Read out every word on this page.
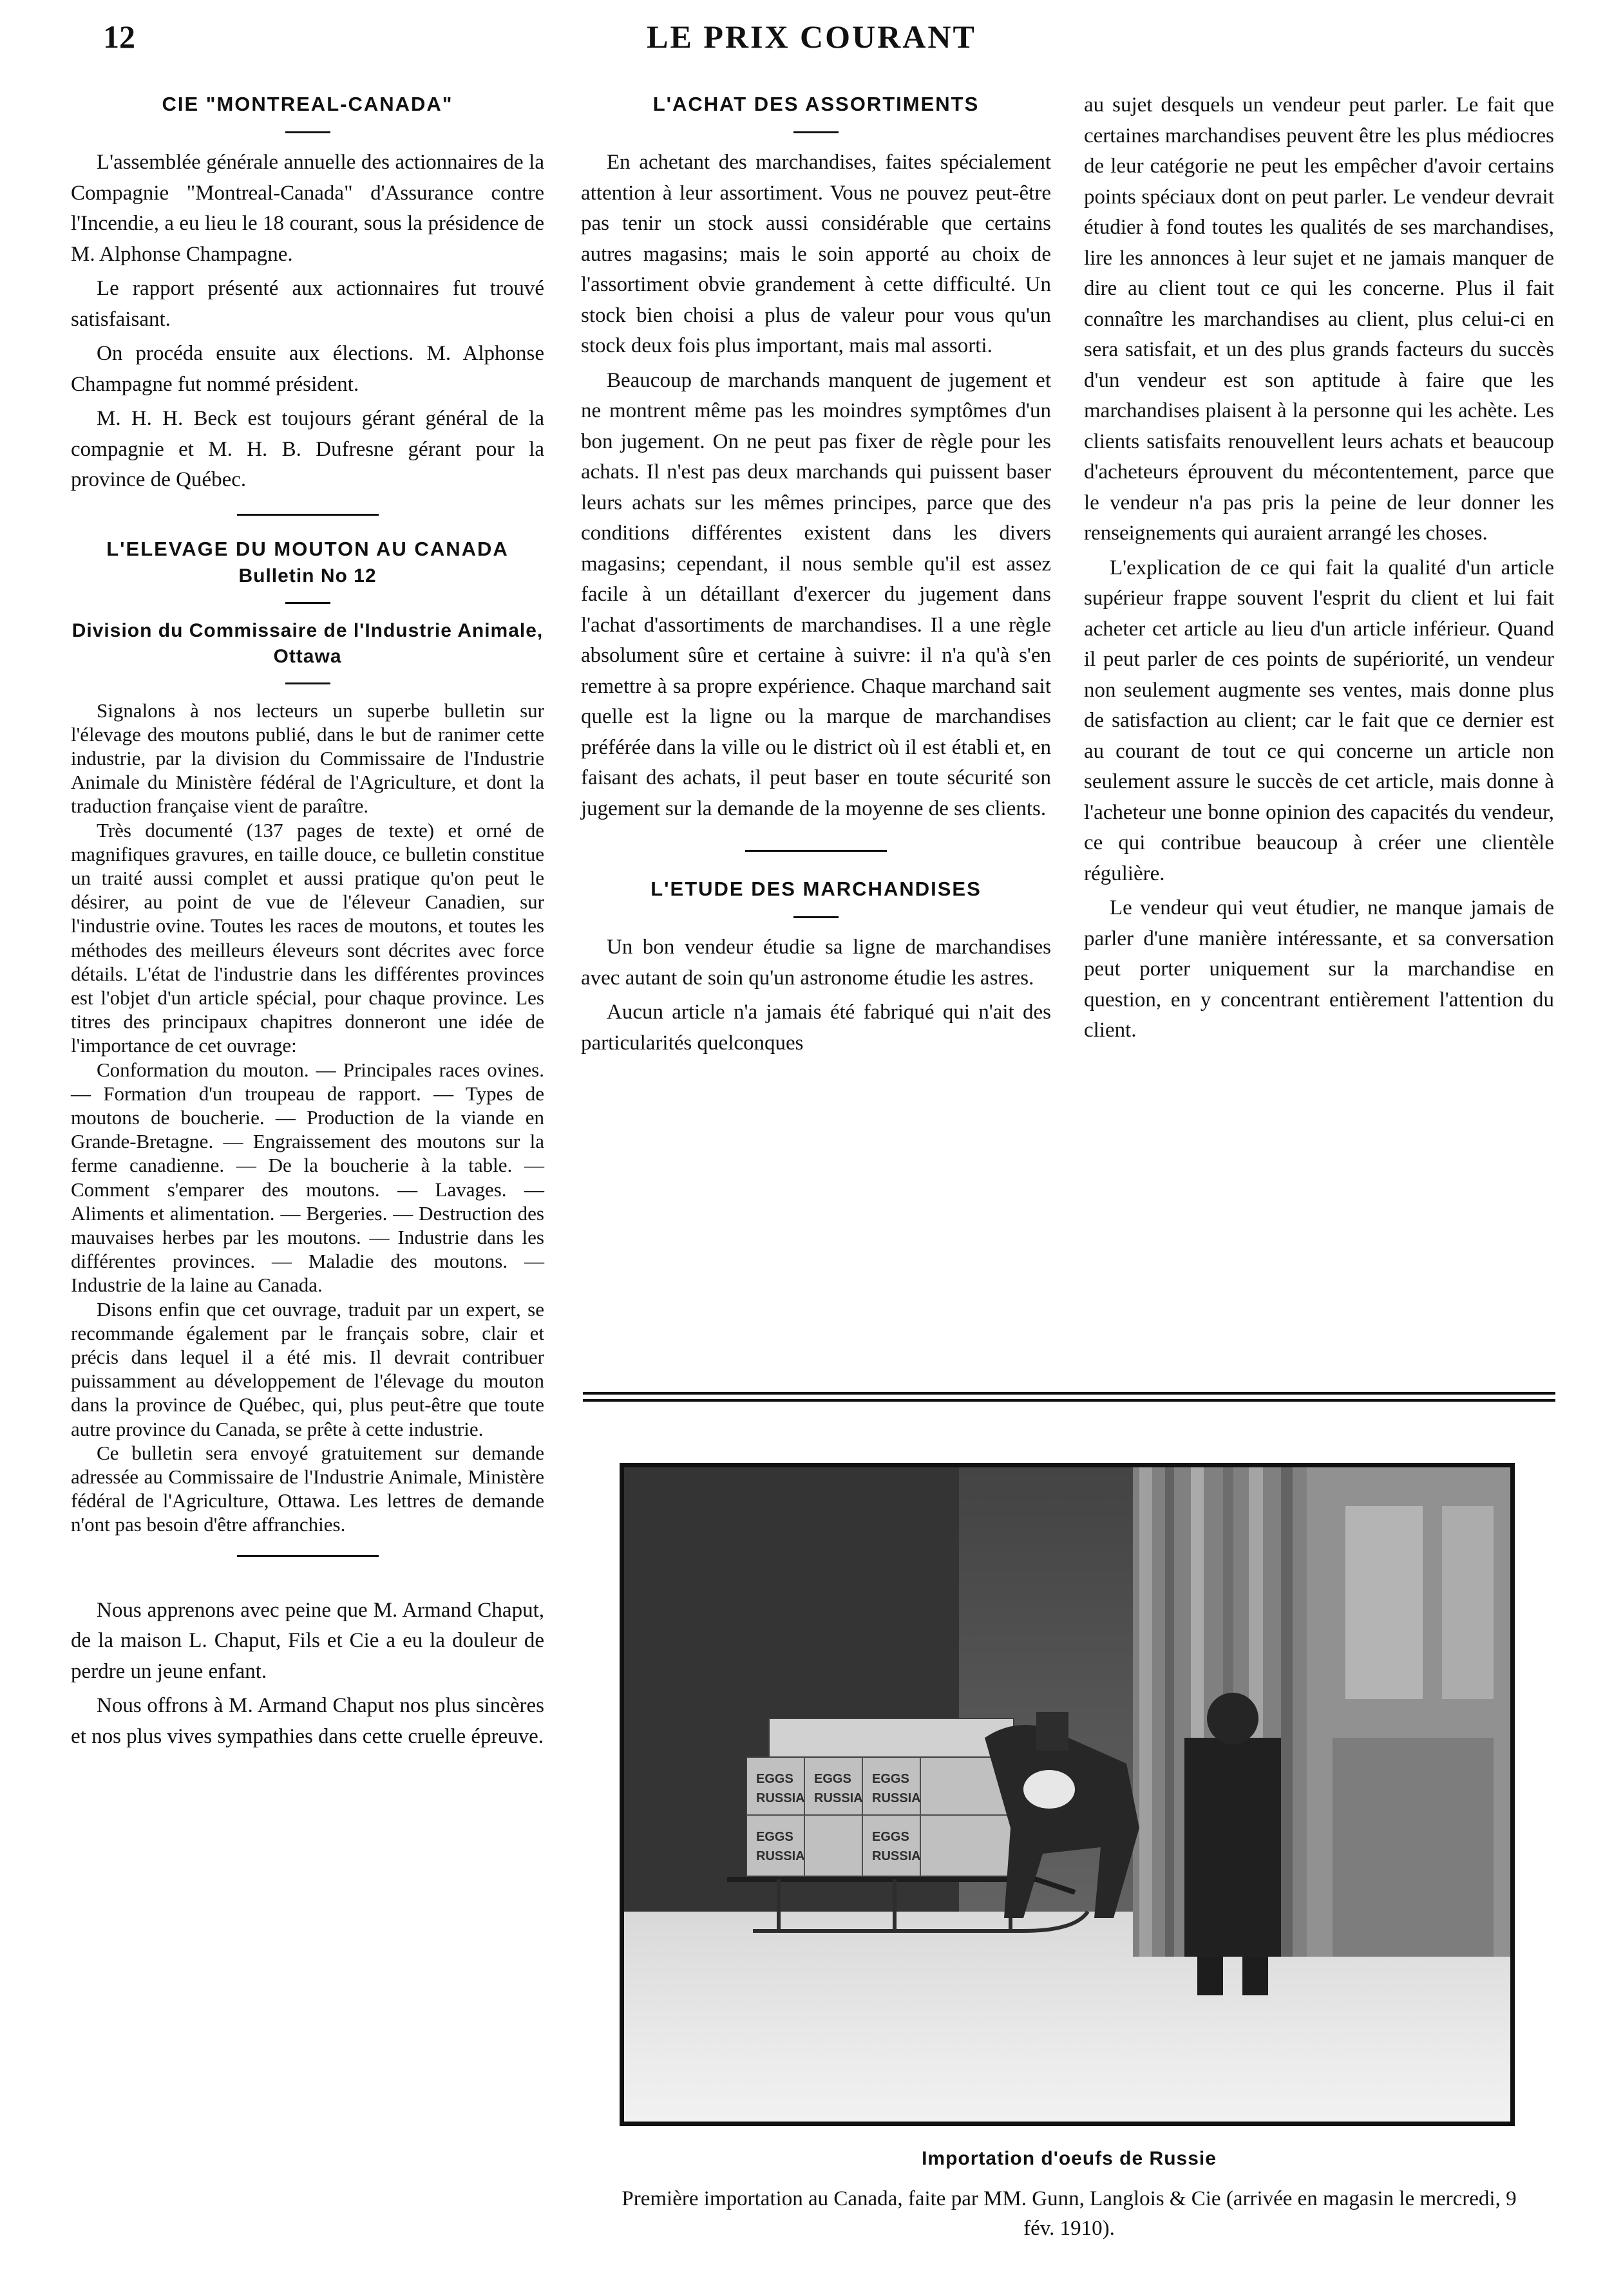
12	LE PRIX COURANT
CIE "MONTREAL-CANADA"

L'assemblée générale annuelle des actionnaires de la Compagnie "Montreal-Canada" d'Assurance contre l'Incendie, a eu lieu le 18 courant, sous la présidence de M. Alphonse Champagne.

Le rapport présenté aux actionnaires fut trouvé satisfaisant.

On procéda ensuite aux élections. M. Alphonse Champagne fut nommé président.

M. H. H. Beck est toujours gérant général de la compagnie et M. H. B. Dufresne gérant pour la province de Québec.

L'ELEVAGE DU MOUTON AU CANADA
Bulletin No 12
Division du Commissaire de l'Industrie Animale, Ottawa

Signalons à nos lecteurs un superbe bulletin sur l'élevage des moutons publié, dans le but de ranimer cette industrie, par la division du Commissaire de l'Industrie Animale du Ministère fédéral de l'Agriculture, et dont la traduction française vient de paraître.

Très documenté (137 pages de texte) et orné de magnifiques gravures, en taille douce, ce bulletin constitue un traité aussi complet et aussi pratique qu'on peut le désirer, au point de vue de l'éleveur Canadien, sur l'industrie ovine. Toutes les races de moutons, et toutes les méthodes des meilleurs éleveurs sont décrites avec force détails. L'état de l'industrie dans les différentes provinces est l'objet d'un article spécial, pour chaque province. Les titres des principaux chapitres donneront une idée de l'importance de cet ouvrage:

Conformation du mouton. — Principales races ovines. — Formation d'un troupeau de rapport. — Types de moutons de boucherie. — Production de la viande en Grande-Bretagne. — Engraissement des moutons sur la ferme canadienne. — De la boucherie à la table. — Comment s'emparer des moutons. — Lavages. — Aliments et alimentation. — Bergeries. — Destruction des mauvaises herbes par les moutons. — Industrie dans les différentes provinces. — Maladie des moutons. — Industrie de la laine au Canada.

Disons enfin que cet ouvrage, traduit par un expert, se recommande également par le français sobre, clair et précis dans lequel il a été mis. Il devrait contribuer puissamment au développement de l'élevage du mouton dans la province de Québec, qui, plus peut-être que toute autre province du Canada, se prête à cette industrie.

Ce bulletin sera envoyé gratuitement sur demande adressée au Commissaire de l'Industrie Animale, Ministère fédéral de l'Agriculture, Ottawa. Les lettres de demande n'ont pas besoin d'être affranchies.

Nous apprenons avec peine que M. Armand Chaput, de la maison L. Chaput, Fils et Cie a eu la douleur de perdre un jeune enfant.

Nous offrons à M. Armand Chaput nos plus sincères et nos plus vives sympathies dans cette cruelle épreuve.

L'ACHAT DES ASSORTIMENTS

En achetant des marchandises, faites spécialement attention à leur assortiment. Vous ne pouvez peut-être pas tenir un stock aussi considérable que certains autres magasins; mais le soin apporté au choix de l'assortiment obvie grandement à cette difficulté. Un stock bien choisi a plus de valeur pour vous qu'un stock deux fois plus important, mais mal assorti.

Beaucoup de marchands manquent de jugement et ne montrent même pas les moindres symptômes d'un bon jugement. On ne peut pas fixer de règle pour les achats. Il n'est pas deux marchands qui puissent baser leurs achats sur les mêmes principes, parce que des conditions différentes existent dans les divers magasins; cependant, il nous semble qu'il est assez facile à un détaillant d'exercer du jugement dans l'achat d'assortiments de marchandises. Il a une règle absolument sûre et certaine à suivre: il n'a qu'à s'en remettre à sa propre expérience. Chaque marchand sait quelle est la ligne ou la marque de marchandises préférée dans la ville ou le district où il est établi et, en faisant des achats, il peut baser en toute sécurité son jugement sur la demande de la moyenne de ses clients.

L'ETUDE DES MARCHANDISES

Un bon vendeur étudie sa ligne de marchandises avec autant de soin qu'un astronome étudie les astres.

Aucun article n'a jamais été fabriqué qui n'ait des particularités quelconques

au sujet desquels un vendeur peut parler. Le fait que certaines marchandises peuvent être les plus médiocres de leur catégorie ne peut les empêcher d'avoir certains points spéciaux dont on peut parler. Le vendeur devrait étudier à fond toutes les qualités de ses marchandises, lire les annonces à leur sujet et ne jamais manquer de dire au client tout ce qui les concerne. Plus il fait connaître les marchandises au client, plus celui-ci en sera satisfait, et un des plus grands facteurs du succès d'un vendeur est son aptitude à faire que les marchandises plaisent à la personne qui les achète. Les clients satisfaits renouvellent leurs achats et beaucoup d'acheteurs éprouvent du mécontentement, parce que le vendeur n'a pas pris la peine de leur donner les renseignements qui auraient arrangé les choses.

L'explication de ce qui fait la qualité d'un article supérieur frappe souvent l'esprit du client et lui fait acheter cet article au lieu d'un article inférieur. Quand il peut parler de ces points de supériorité, un vendeur non seulement augmente ses ventes, mais donne plus de satisfaction au client; car le fait que ce dernier est au courant de tout ce qui concerne un article non seulement assure le succès de cet article, mais donne à l'acheteur une bonne opinion des capacités du vendeur, ce qui contribue beaucoup à créer une clientèle régulière.

Le vendeur qui veut étudier, ne manque jamais de parler d'une manière intéressante, et sa conversation peut porter uniquement sur la marchandise en question, en y concentrant entièrement l'attention du client.

EGGS
RUSSIA
EGGS
RUSSIA
EGGS
RUSSIA
EGGS
RUSSIA
EGGS
RUSSIA
Importation d'oeufs de Russie
Première importation au Canada, faite par MM. Gunn, Langlois & Cie (arrivée en magasin le mercredi, 9 fév. 1910).
